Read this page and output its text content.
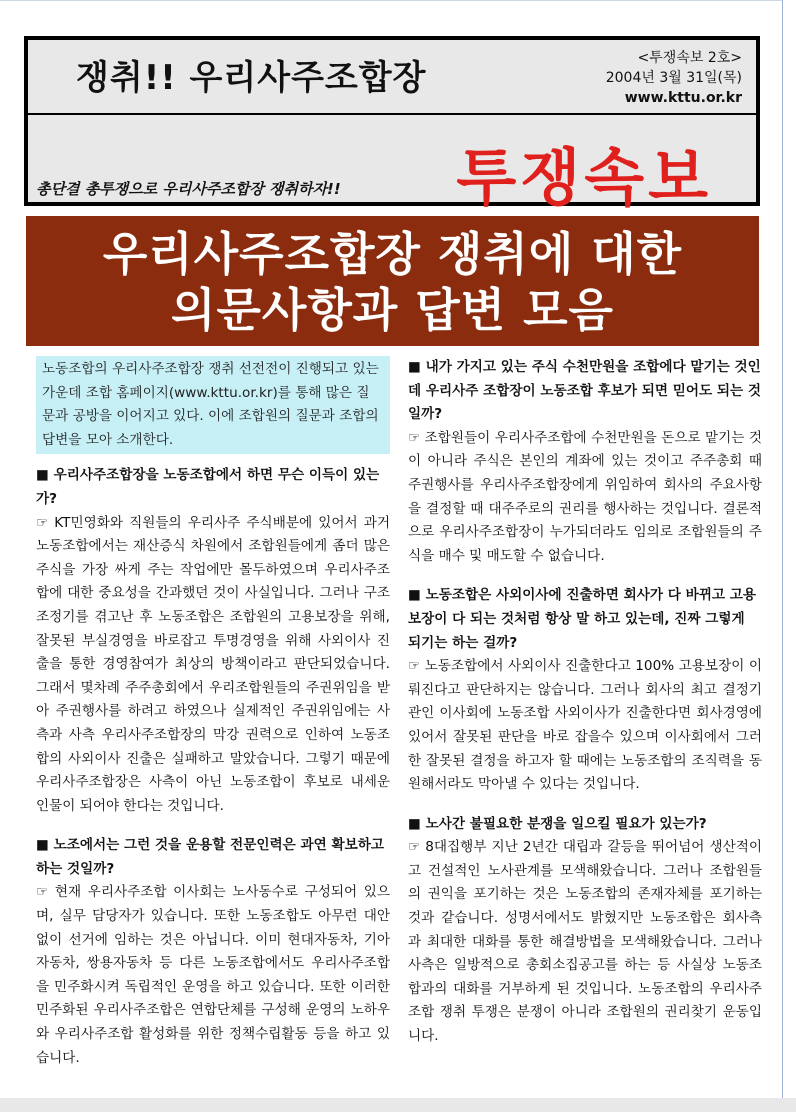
쟁취!! 우리사주조합장	<투쟁속보 2호>
2004년 3월 31일(목)
www.kttu.or.kr
투쟁속보
총단결 총투쟁으로 우리사주조합장 쟁취하자!!
우리사주조합장 쟁취에 대한
의문사항과 답변 모음
노동조합의 우리사주조합장 쟁취 선전전이 진행되고 있는 가운데 조합 홈페이지(www.kttu.or.kr)를 통해 많은 질문과 공방을 이어지고 있다. 이에 조합원의 질문과 조합의 답변을 모아 소개한다.

■ 우리사주조합장을 노동조합에서 하면 무슨 이득이 있는가?

☞ KT민영화와 직원들의 우리사주 주식배분에 있어서 과거 노동조합에서는 재산증식 차원에서 조합원들에게 좀더 많은 주식을 가장 싸게 주는 작업에만 몰두하였으며 우리사주조합에 대한 중요성을 간과했던 것이 사실입니다. 그러나 구조조정기를 겪고난 후 노동조합은 조합원의 고용보장을 위해, 잘못된 부실경영을 바로잡고 투명경영을 위해 사외이사 진출을 통한 경영참여가 최상의 방책이라고 판단되었습니다. 그래서 몇차례 주주총회에서 우리조합원들의 주권위임을 받아 주권행사를 하려고 하였으나 실제적인 주권위임에는 사측과 사측 우리사주조합장의 막강 권력으로 인하여 노동조합의 사외이사 진출은 실패하고 말았습니다. 그렇기 때문에 우리사주조합장은 사측이 아닌 노동조합이 후보로 내세운 인물이 되어야 한다는 것입니다.

■ 노조에서는 그런 것을 운용할 전문인력은 과연 확보하고 하는 것일까?

☞ 현재 우리사주조합 이사회는 노사동수로 구성되어 있으며, 실무 담당자가 있습니다. 또한 노동조합도 아무런 대안 없이 선거에 임하는 것은 아닙니다. 이미 현대자동차, 기아자동차, 쌍용자동차 등 다른 노동조합에서도 우리사주조합을 민주화시켜 독립적인 운영을 하고 있습니다. 또한 이러한 민주화된 우리사주조합은 연합단체를 구성해 운영의 노하우와 우리사주조합 활성화를 위한 정책수립활동 등을 하고 있습니다.

■ 내가 가지고 있는 주식 수천만원을 조합에다 맡기는 것인데 우리사주 조합장이 노동조합 후보가 되면 믿어도 되는 것일까?

☞ 조합원들이 우리사주조합에 수천만원을 돈으로 맡기는 것이 아니라 주식은 본인의 계좌에 있는 것이고 주주총회 때 주권행사를 우리사주조합장에게 위임하여 회사의 주요사항을 결정할 때 대주주로의 권리를 행사하는 것입니다. 결론적으로 우리사주조합장이 누가되더라도 임의로 조합원들의 주식을 매수 및 매도할 수 없습니다.

■ 노동조합은 사외이사에 진출하면 회사가 다 바뀌고 고용보장이 다 되는 것처럼 항상 말 하고 있는데, 진짜 그렇게 되기는 하는 걸까?

☞ 노동조합에서 사외이사 진출한다고 100% 고용보장이 이뤄진다고 판단하지는 않습니다. 그러나 회사의 최고 결정기관인 이사회에 노동조합 사외이사가 진출한다면 회사경영에 있어서 잘못된 판단을 바로 잡을수 있으며 이사회에서 그러한 잘못된 결정을 하고자 할 때에는 노동조합의 조직력을 동원해서라도 막아낼 수 있다는 것입니다.

■ 노사간 불필요한 분쟁을 일으킬 필요가 있는가?

☞ 8대집행부 지난 2년간 대립과 갈등을 뛰어넘어 생산적이고 건설적인 노사관계를 모색해왔습니다. 그러나 조합원들의 권익을 포기하는 것은 노동조합의 존재자체를 포기하는 것과 같습니다. 성명서에서도 밝혔지만 노동조합은 회사측과 최대한 대화를 통한 해결방법을 모색해왔습니다. 그러나 사측은 일방적으로 총회소집공고를 하는 등 사실상 노동조합과의 대화를 거부하게 된 것입니다. 노동조합의 우리사주조합 쟁취 투쟁은 분쟁이 아니라 조합원의 권리찾기 운동입니다.
